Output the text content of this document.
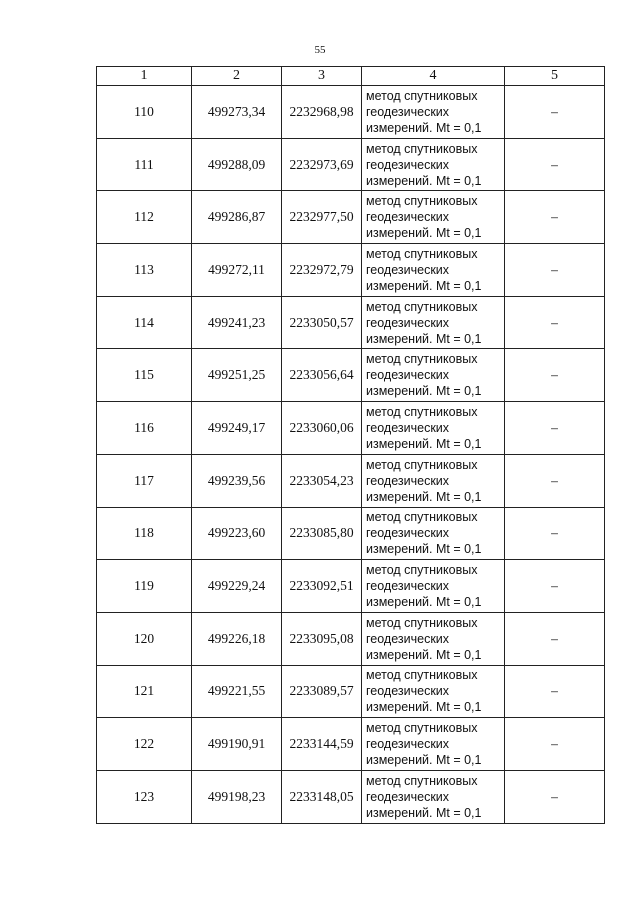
55
1	2	3	4	5
110	499273,34	2232968,98	метод спутниковых геодезических измерений. Mt = 0,1	–
111	499288,09	2232973,69	метод спутниковых геодезических измерений. Mt = 0,1	–
112	499286,87	2232977,50	метод спутниковых геодезических измерений. Mt = 0,1	–
113	499272,11	2232972,79	метод спутниковых геодезических измерений. Mt = 0,1	–
114	499241,23	2233050,57	метод спутниковых геодезических измерений. Mt = 0,1	–
115	499251,25	2233056,64	метод спутниковых геодезических измерений. Mt = 0,1	–
116	499249,17	2233060,06	метод спутниковых геодезических измерений. Mt = 0,1	–
117	499239,56	2233054,23	метод спутниковых геодезических измерений. Mt = 0,1	–
118	499223,60	2233085,80	метод спутниковых геодезических измерений. Mt = 0,1	–
119	499229,24	2233092,51	метод спутниковых геодезических измерений. Mt = 0,1	–
120	499226,18	2233095,08	метод спутниковых геодезических измерений. Mt = 0,1	–
121	499221,55	2233089,57	метод спутниковых геодезических измерений. Mt = 0,1	–
122	499190,91	2233144,59	метод спутниковых геодезических измерений. Mt = 0,1	–
123	499198,23	2233148,05	метод спутниковых геодезических измерений. Mt = 0,1	–
